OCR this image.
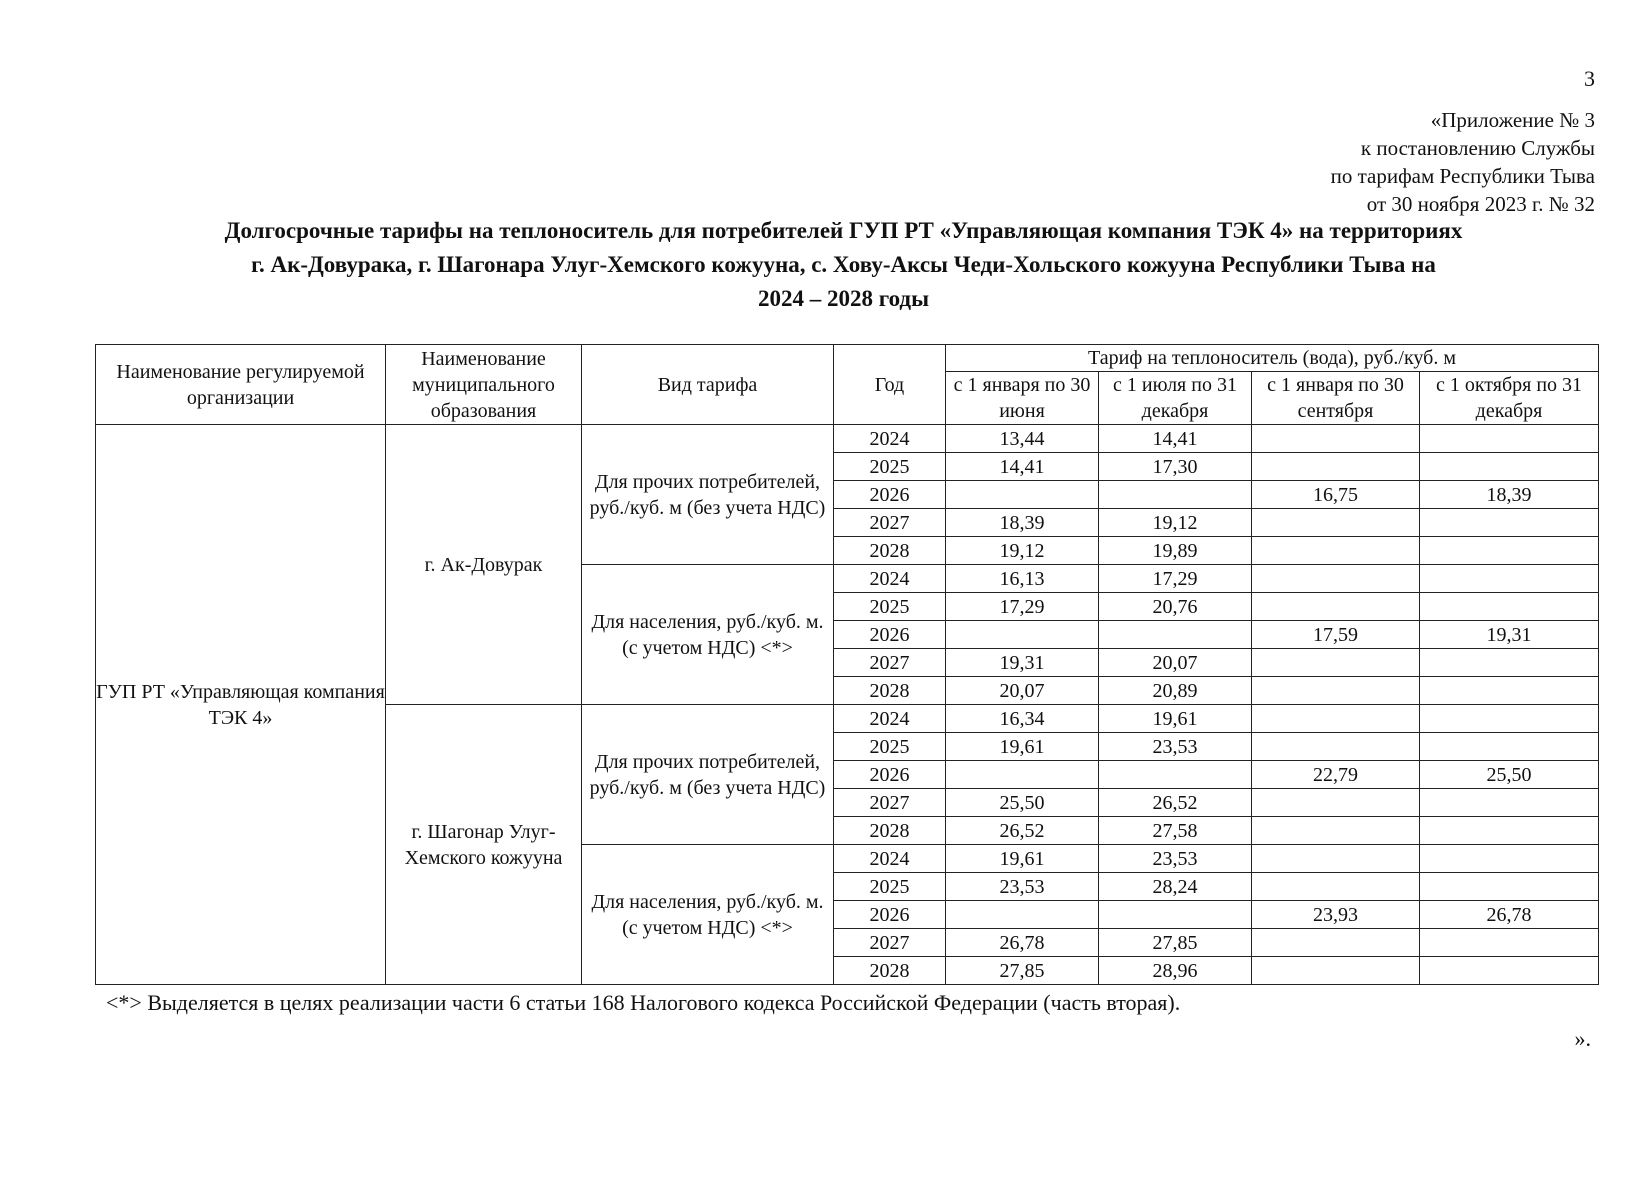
3
«Приложение № 3
к постановлению Службы
по тарифам Республики Тыва
от 30 ноября 2023 г. № 32
Долгосрочные тарифы на теплоноситель для потребителей ГУП РТ «Управляющая компания ТЭК 4» на территориях
г. Ак-Довурака, г. Шагонара Улуг-Хемского кожууна, с. Хову-Аксы Чеди-Хольского кожууна Республики Тыва на
2024 – 2028 годы
Наименование регулируемой организации	Наименование муниципального образования	Вид тарифа	Год	Тариф на теплоноситель (вода), руб./куб. м			
				с 1 января по 30 июня	с 1 июля по 31 декабря	с 1 января по 30 сентября	с 1 октября по 31 декабря
ГУП РТ «Управляющая компания ТЭК 4»	г. Ак-Довурак	Для прочих потребителей, руб./куб. м (без учета НДС)	2024	13,44	14,41		
			2025	14,41	17,30		
			2026			16,75	18,39
			2027	18,39	19,12		
			2028	19,12	19,89		
		Для населения, руб./куб. м. (с учетом НДС) <*>	2024	16,13	17,29		
			2025	17,29	20,76		
			2026			17,59	19,31
			2027	19,31	20,07		
			2028	20,07	20,89		
	г. Шагонар Улуг-Хемского кожууна	Для прочих потребителей, руб./куб. м (без учета НДС)	2024	16,34	19,61		
			2025	19,61	23,53		
			2026			22,79	25,50
			2027	25,50	26,52		
			2028	26,52	27,58		
		Для населения, руб./куб. м. (с учетом НДС) <*>	2024	19,61	23,53		
			2025	23,53	28,24		
			2026			23,93	26,78
			2027	26,78	27,85		
			2028	27,85	28,96		
<*> Выделяется в целях реализации части 6 статьи 168 Налогового кодекса Российской Федерации (часть вторая).
».
